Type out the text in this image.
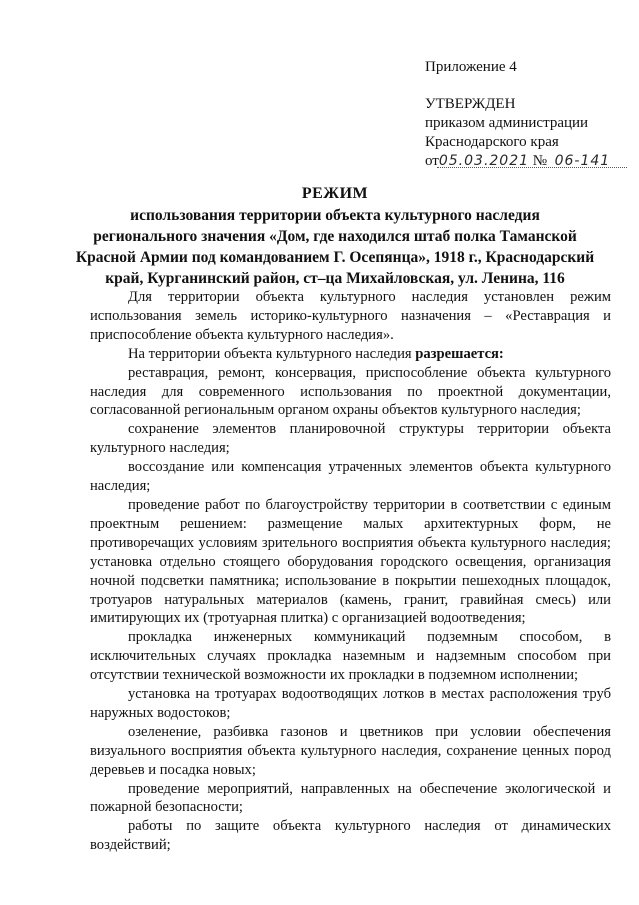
Приложение 4
УТВЕРЖДЕН
приказом администрации
Краснодарского края
от05.03.2021 № 06-141
РЕЖИМ
использования территории объекта культурного наследия
регионального значения «Дом, где находился штаб полка Таманской
Красной Армии под командованием Г. Осепянца», 1918 г., Краснодарский
край, Курганинский район, ст–ца Михайловская, ул. Ленина, 116

Для территории объекта культурного наследия установлен режим использования земель историко-культурного назначения – «Реставрация и приспособление объекта культурного наследия».

На территории объекта культурного наследия разрешается:

реставрация, ремонт, консервация, приспособление объекта культурного наследия для современного использования по проектной документации, согласованной региональным органом охраны объектов культурного наследия;

сохранение элементов планировочной структуры территории объекта культурного наследия;

воссоздание или компенсация утраченных элементов объекта культурного наследия;

проведение работ по благоустройству территории в соответствии с единым проектным решением: размещение малых архитектурных форм, не противоречащих условиям зрительного восприятия объекта культурного наследия; установка отдельно стоящего оборудования городского освещения, организация ночной подсветки памятника; использование в покрытии пешеходных площадок, тротуаров натуральных материалов (камень, гранит, гравийная смесь) или имитирующих их (тротуарная плитка) с организацией водоотведения;

прокладка инженерных коммуникаций подземным способом, в исключительных случаях прокладка наземным и надземным способом при отсутствии технической возможности их прокладки в подземном исполнении;

установка на тротуарах водоотводящих лотков в местах расположения труб наружных водостоков;

озеленение, разбивка газонов и цветников при условии обеспечения визуального восприятия объекта культурного наследия, сохранение ценных пород деревьев и посадка новых;

проведение мероприятий, направленных на обеспечение экологической и пожарной безопасности;

работы по защите объекта культурного наследия от динамических воздействий;
